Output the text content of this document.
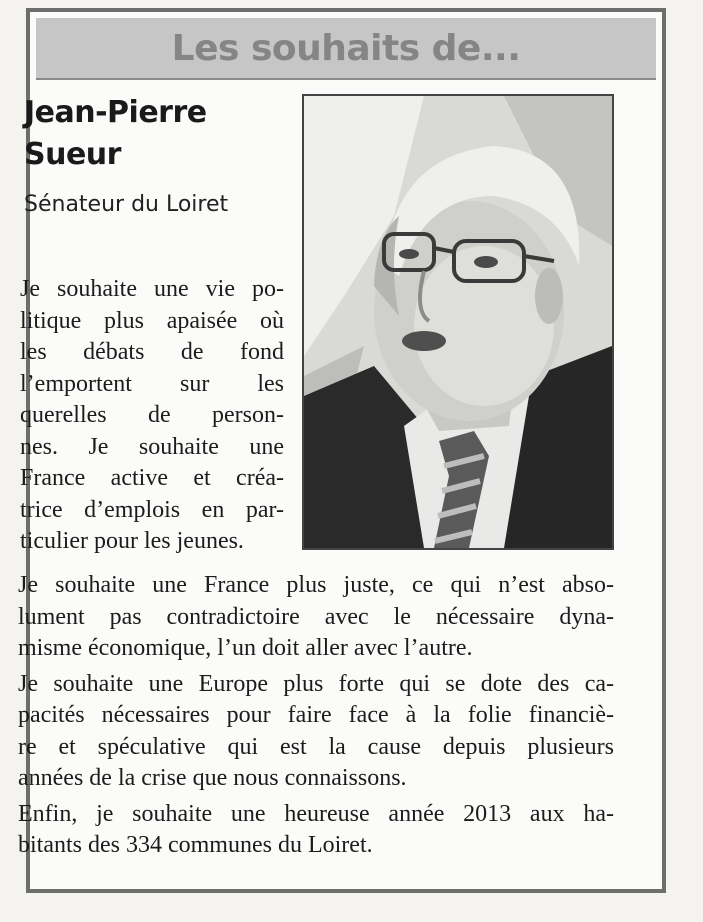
Les souhaits de...
Jean-Pierre
Sueur
Sénateur du Loiret
Je souhaite une vie po-
litique plus apaisée où
les débats de fond
l’emportent sur les
querelles de person-
nes. Je souhaite une
France active et créa-
trice d’emplois en par-
ticulier pour les jeunes.
Je souhaite une France plus juste, ce qui n’est abso-
lument pas contradictoire avec le nécessaire dyna-
misme économique, l’un doit aller avec l’autre.
Je souhaite une Europe plus forte qui se dote des ca-
pacités nécessaires pour faire face à la folie financiè-
re et spéculative qui est la cause depuis plusieurs
années de la crise que nous connaissons.
Enfin, je souhaite une heureuse année 2013 aux ha-
bitants des 334 communes du Loiret.
